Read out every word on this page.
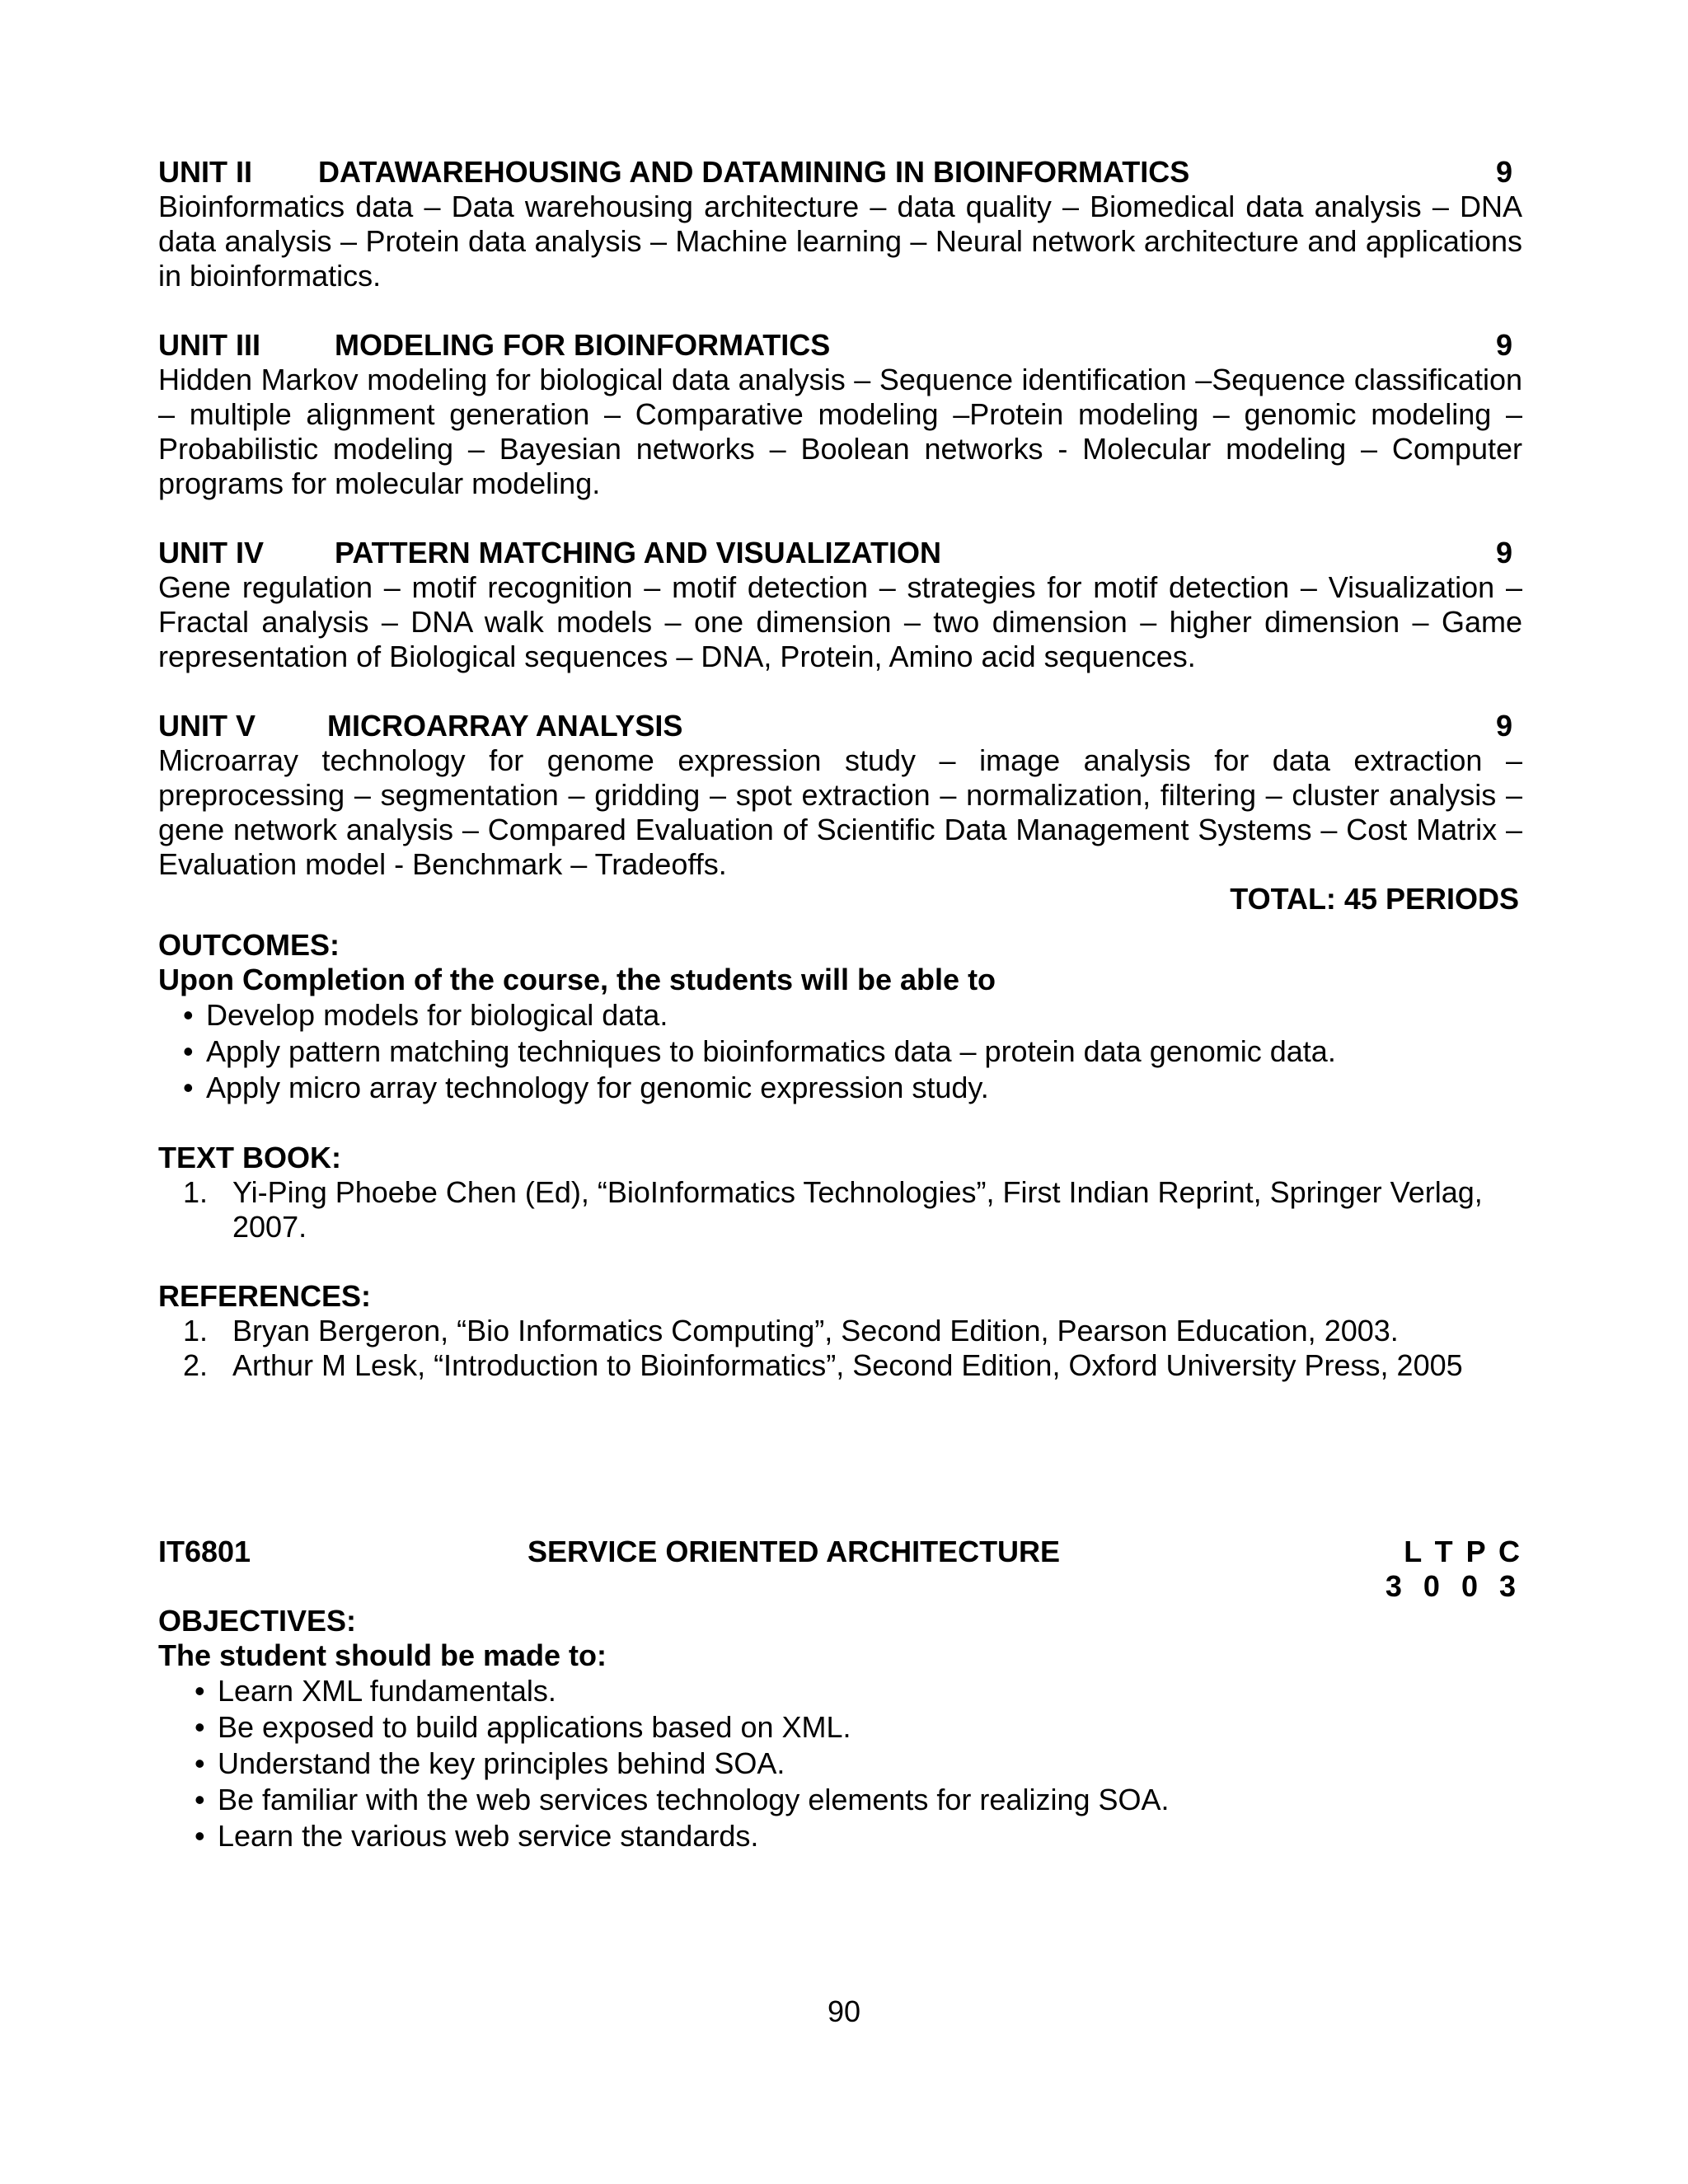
UNIT II	DATAWAREHOUSING AND DATAMINING IN BIOINFORMATICS	9
Bioinformatics data – Data warehousing architecture – data quality – Biomedical data analysis – DNA data analysis – Protein data analysis – Machine learning – Neural network architecture and applications in bioinformatics.
UNIT III	MODELING FOR BIOINFORMATICS	9
Hidden Markov modeling for biological data analysis – Sequence identification –Sequence classification – multiple alignment generation – Comparative modeling –Protein modeling – genomic modeling – Probabilistic modeling – Bayesian networks – Boolean networks - Molecular modeling – Computer programs for molecular modeling.
UNIT IV	PATTERN MATCHING AND VISUALIZATION	9
Gene regulation – motif recognition – motif detection – strategies for motif detection – Visualization – Fractal analysis – DNA walk models – one dimension – two dimension – higher dimension – Game representation of Biological sequences – DNA, Protein, Amino acid sequences.
UNIT V	MICROARRAY ANALYSIS	9
Microarray technology for genome expression study – image analysis for data extraction – preprocessing – segmentation – gridding – spot extraction – normalization, filtering – cluster analysis – gene network analysis – Compared Evaluation of Scientific Data Management Systems – Cost Matrix – Evaluation model - Benchmark – Tradeoffs.
TOTAL: 45 PERIODS
OUTCOMES:
Upon Completion of the course, the students will be able to
• Develop models for biological data.
• Apply pattern matching techniques to bioinformatics data – protein data genomic data.
• Apply micro array technology for genomic expression study.
TEXT BOOK:
1. Yi-Ping Phoebe Chen (Ed), “BioInformatics Technologies”, First Indian Reprint, Springer Verlag, 2007.
REFERENCES:
1. Bryan Bergeron, “Bio Informatics Computing”, Second Edition, Pearson Education, 2003.
2. Arthur M Lesk, “Introduction to Bioinformatics”, Second Edition, Oxford University Press, 2005
IT6801	SERVICE ORIENTED ARCHITECTURE	L T P C
3 0 0 3
OBJECTIVES:
The student should be made to:
• Learn XML fundamentals.
• Be exposed to build applications based on XML.
• Understand the key principles behind SOA.
• Be familiar with the web services technology elements for realizing SOA.
• Learn the various web service standards.
90
